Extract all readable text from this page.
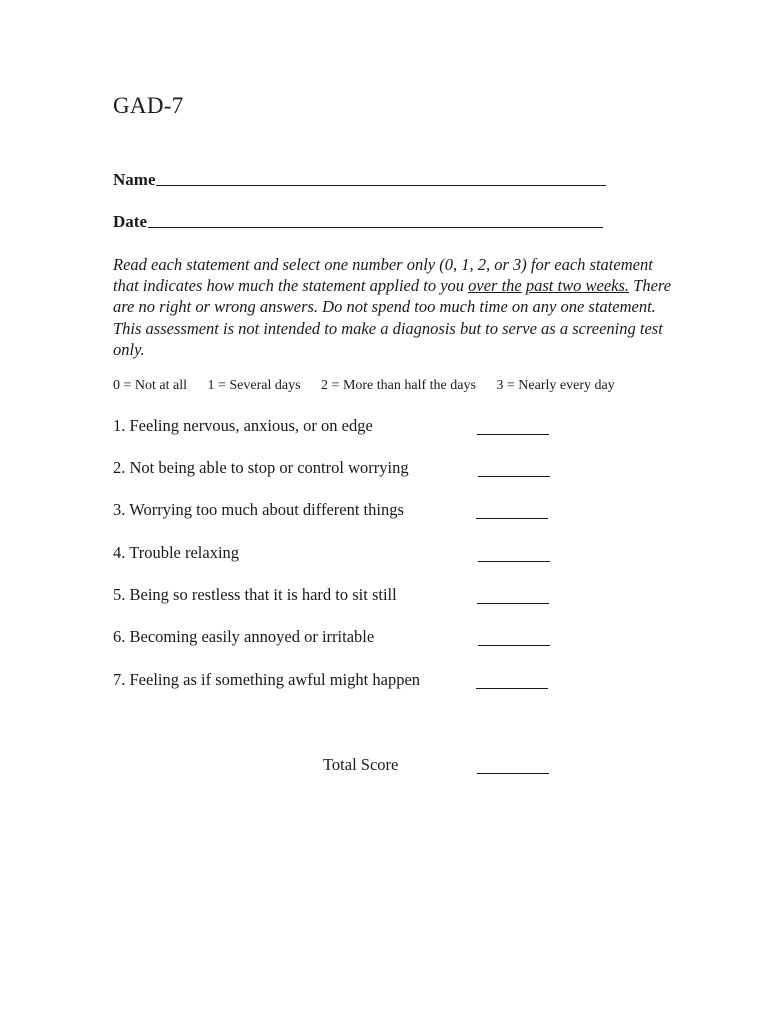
GAD-7
Name
Date
Read each statement and select one number only (0, 1, 2, or 3) for each statement that indicates how much the statement applied to you over the past two weeks. There are no right or wrong answers. Do not spend too much time on any one statement. This assessment is not intended to make a diagnosis but to serve as a screening test only.
0 = Not at all 1 = Several days 2 = More than half the days 3 = Nearly every day
1. Feeling nervous, anxious, or on edge
2. Not being able to stop or control worrying
3. Worrying too much about different things
4. Trouble relaxing
5. Being so restless that it is hard to sit still
6. Becoming easily annoyed or irritable
7. Feeling as if something awful might happen
Total Score
